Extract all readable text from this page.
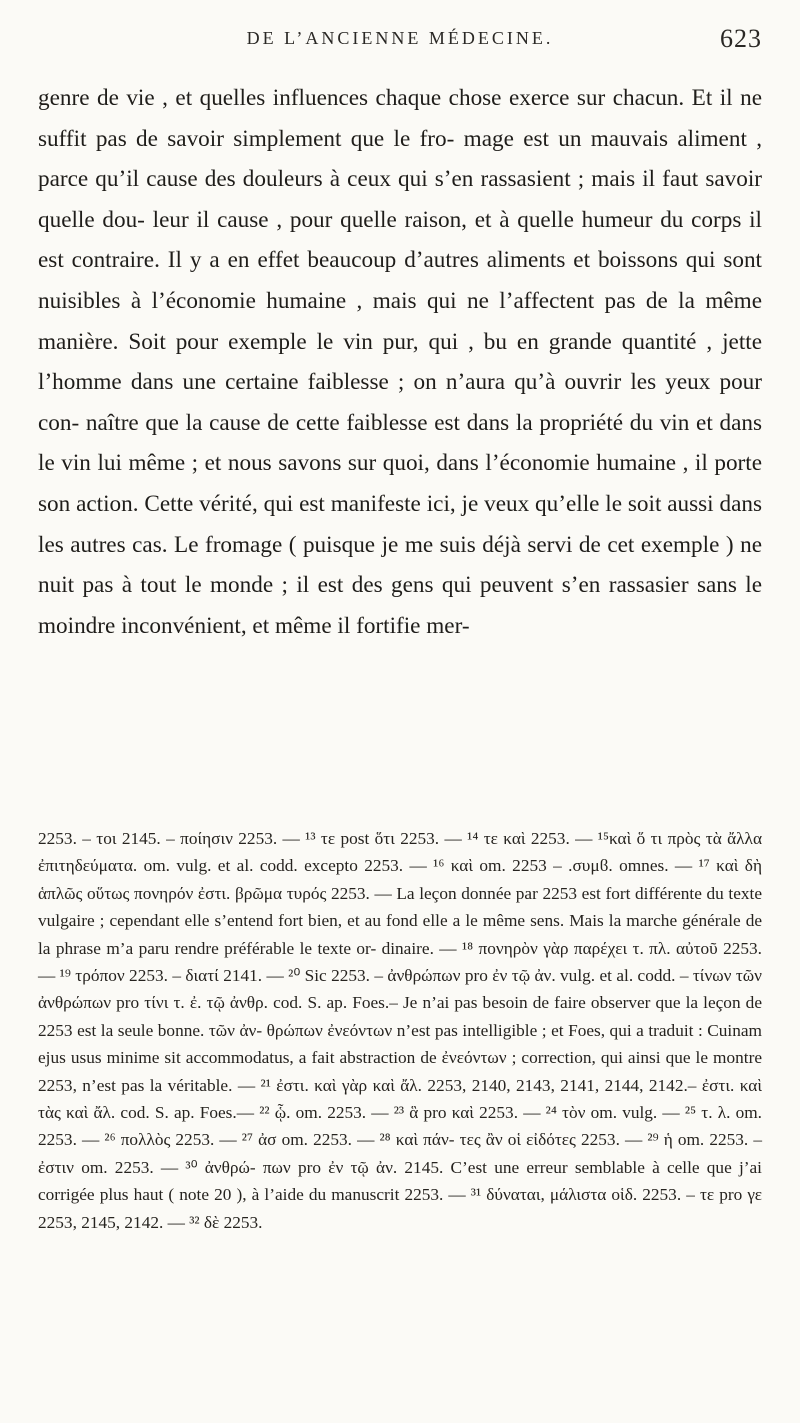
DE L’ANCIENNE MÉDECINE.	623

genre de vie , et quelles influences chaque chose exerce sur chacun. Et il ne suffit pas de savoir simplement que le fro- mage est un mauvais aliment , parce qu’il cause des douleurs à ceux qui s’en rassasient ; mais il faut savoir quelle dou- leur il cause , pour quelle raison, et à quelle humeur du corps il est contraire. Il y a en effet beaucoup d’autres aliments et boissons qui sont nuisibles à l’économie humaine , mais qui ne l’affectent pas de la même manière. Soit pour exemple le vin pur, qui , bu en grande quantité , jette l’homme dans une certaine faiblesse ; on n’aura qu’à ouvrir les yeux pour con- naître que la cause de cette faiblesse est dans la propriété du vin et dans le vin lui même ; et nous savons sur quoi, dans l’économie humaine , il porte son action. Cette vérité, qui est manifeste ici, je veux qu’elle le soit aussi dans les autres cas. Le fromage ( puisque je me suis déjà servi de cet exemple ) ne nuit pas à tout le monde ; il est des gens qui peuvent s’en rassasier sans le moindre inconvénient, et même il fortifie mer-

2253. – τοι 2145. – ποίησιν 2253. — ¹³ τε post ὅτι 2253. — ¹⁴ τε καὶ 2253. — ¹⁵καὶ ὅ τι πρὸς τὰ ἄλλα ἐπιτηδεύματα. om. vulg. et al. codd. excepto 2253. — ¹⁶ καὶ om. 2253 – .συμϐ. omnes. — ¹⁷ καὶ δὴ ἁπλῶς οὕτως πονηρόν ἐστι. βρῶμα τυρός 2253. — La leçon donnée par 2253 est fort différente du texte vulgaire ; cependant elle s’entend fort bien, et au fond elle a le même sens. Mais la marche générale de la phrase m’a paru rendre préférable le texte or- dinaire. — ¹⁸ πονηρὸν γὰρ παρέχει τ. πλ. αὐτοῦ 2253. — ¹⁹ τρόπον 2253. – διατί 2141. — ²⁰ Sic 2253. – ἀνθρώπων pro ἐν τῷ ἀν. vulg. et al. codd. – τίνων τῶν ἀνθρώπων pro τίνι τ. ἐ. τῷ ἀνθρ. cod. S. ap. Foes.– Je n’ai pas besoin de faire observer que la leçon de 2253 est la seule bonne. τῶν ἀν- θρώπων ἐνεόντων n’est pas intelligible ; et Foes, qui a traduit : Cuinam ejus usus minime sit accommodatus, a fait abstraction de ἐνεόντων ; correction, qui ainsi que le montre 2253, n’est pas la véritable. — ²¹ ἐστι. καὶ γὰρ καὶ ἄλ. 2253, 2140, 2143, 2141, 2144, 2142.– ἐστι. καὶ τὰς καὶ ἄλ. cod. S. ap. Foes.— ²² ᾧ. om. 2253. — ²³ ἃ pro καὶ 2253. — ²⁴ τὸν om. vulg. — ²⁵ τ. λ. om. 2253. — ²⁶ πολλὸς 2253. — ²⁷ ἀσ om. 2253. — ²⁸ καὶ πάν- τες ἂν οἱ εἰδότες 2253. — ²⁹ ἡ om. 2253. – ἐστιν om. 2253. — ³⁰ ἀνθρώ- πων pro ἐν τῷ ἀν. 2145. C’est une erreur semblable à celle que j’ai corrigée plus haut ( note 20 ), à l’aide du manuscrit 2253. — ³¹ δύναται, μάλιστα οἱδ. 2253. – τε pro γε 2253, 2145, 2142. — ³² δὲ 2253.
